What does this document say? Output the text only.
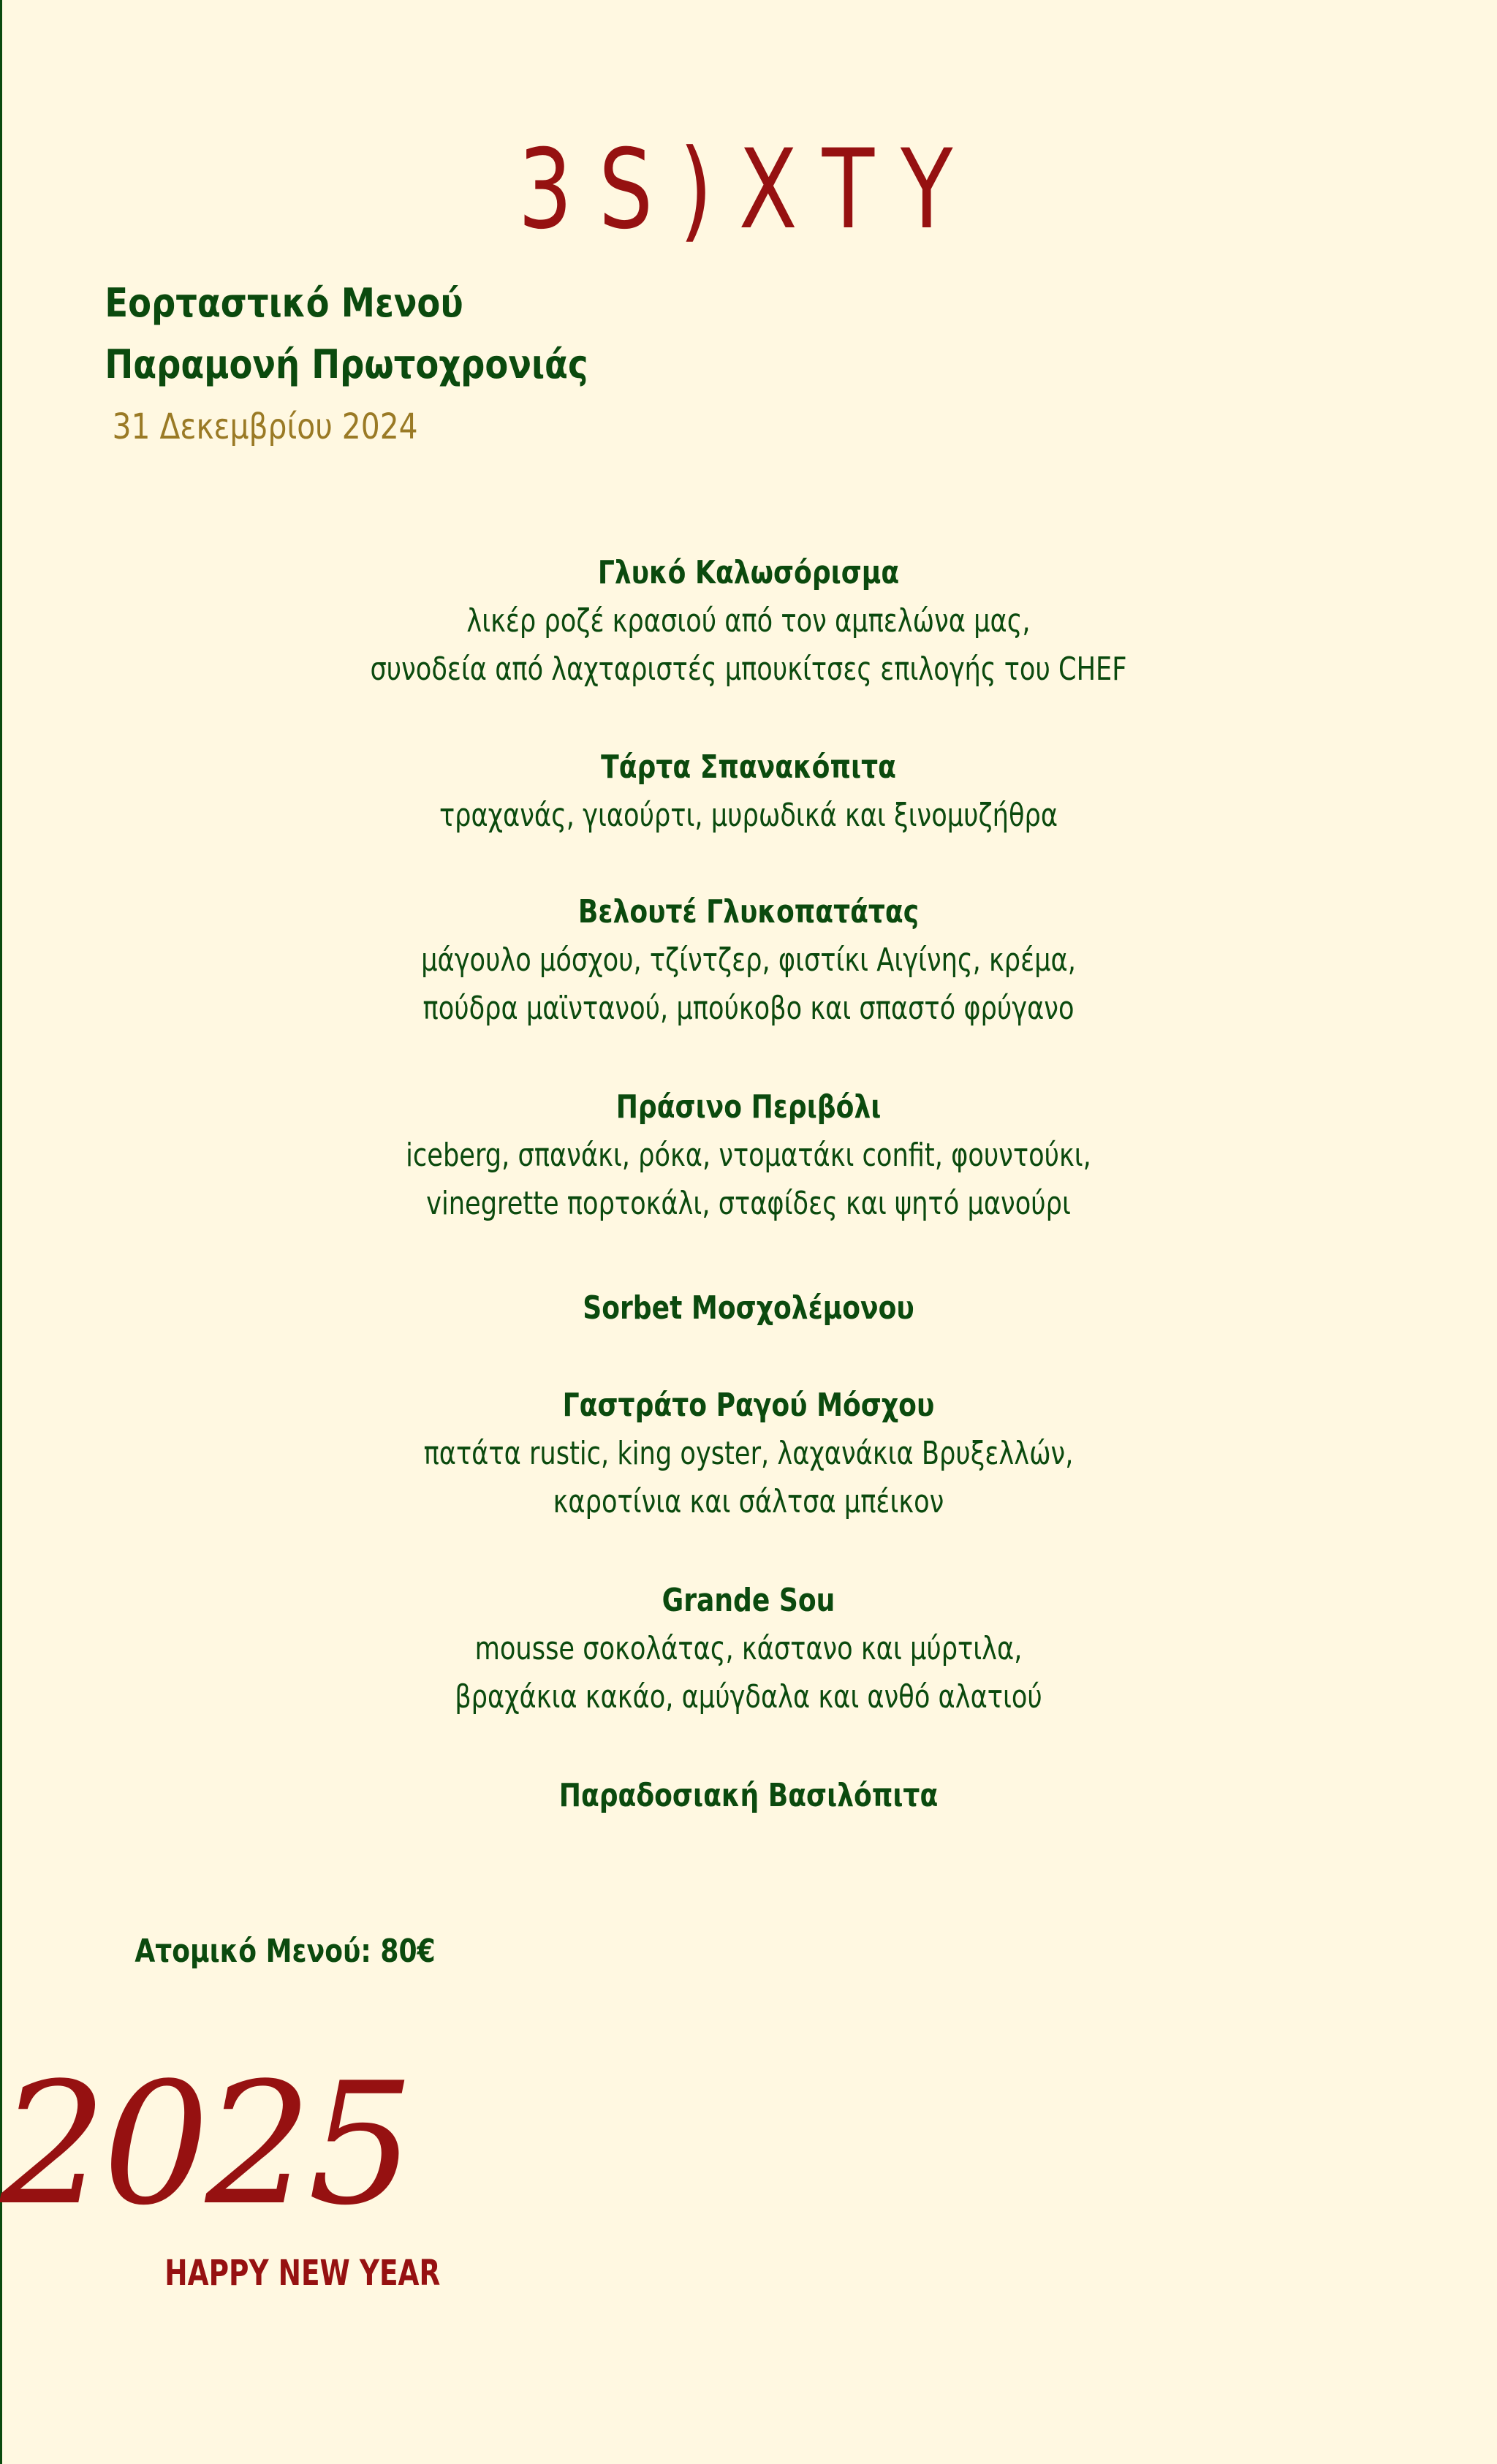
3S)XTY
Εορταστικό Μενού
Παραμονή Πρωτοχρονιάς
31 Δεκεμβρίου 2024
Γλυκό Καλωσόρισμα
λικέρ ροζέ κρασιού από τον αμπελώνα μας,
συνοδεία από λαχταριστές μπουκίτσες επιλογής του CHEF
Τάρτα Σπανακόπιτα
τραχανάς, γιαούρτι, μυρωδικά και ξινομυζήθρα
Βελουτέ Γλυκοπατάτας
μάγουλο μόσχου, τζίντζερ, φιστίκι Αιγίνης, κρέμα,
πούδρα μαϊντανού, μπούκοβο και σπαστό φρύγανο
Πράσινο Περιβόλι
iceberg, σπανάκι, ρόκα, ντοματάκι confit, φουντούκι,
vinegrette πορτοκάλι, σταφίδες και ψητό μανούρι
Sorbet Μοσχολέμονου
Γαστράτο Ραγού Μόσχου
πατάτα rustic, king oyster, λαχανάκια Βρυξελλών,
καροτίνια και σάλτσα μπέικον
Grande Sou
mousse σοκολάτας, κάστανο και μύρτιλα,
βραχάκια κακάο, αμύγδαλα και ανθό αλατιού
Παραδοσιακή Βασιλόπιτα
Ατομικό Μενού: 80€
2025
HAPPY NEW YEAR
